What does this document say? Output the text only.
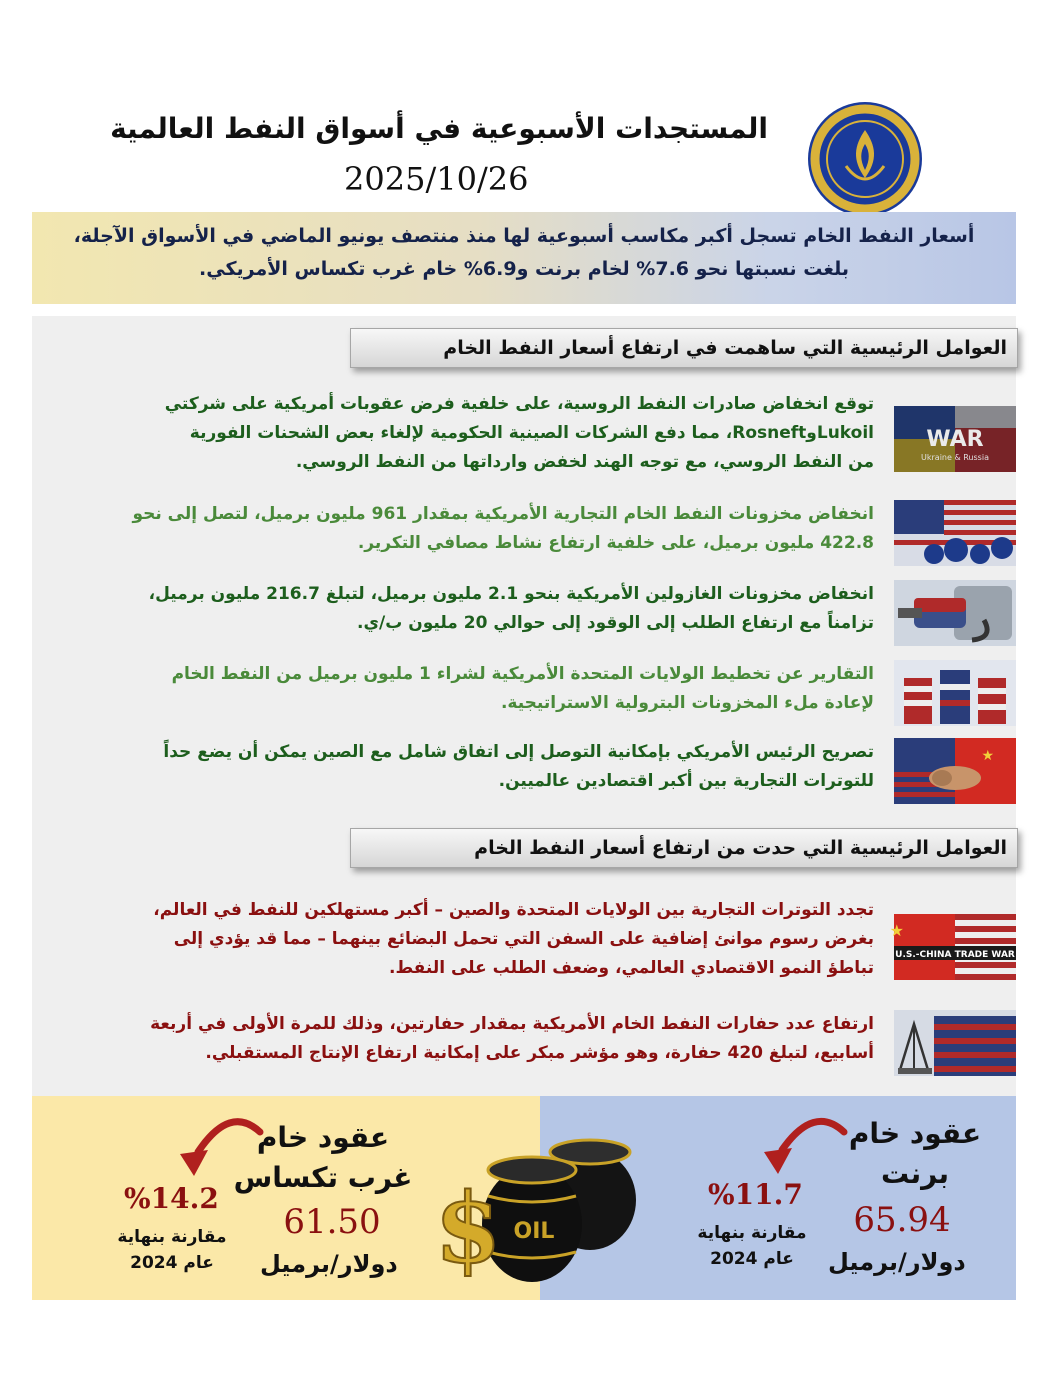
المستجدات الأسبوعية في أسواق النفط العالمية
2025/10/26

أسعار النفط الخام تسجل أكبر مكاسب أسبوعية لها منذ منتصف يونيو الماضي في الأسواق الآجلة،

بلغت نسبتها نحو 7.6% لخام برنت و6.9% خام غرب تكساس الأمريكي.

العوامل الرئيسية التي ساهمت في ارتفاع أسعار النفط الخام
WAR
Ukraine & Russia

توقع انخفاض صادرات النفط الروسية، على خلفية فرض عقوبات أمريكية على شركتي

LukoilوRosneft، مما دفع الشركات الصينية الحكومية لإلغاء بعض الشحنات الفورية

من النفط الروسي، مع توجه الهند لخفض وارداتها من النفط الروسي.

انخفاض مخزونات النفط الخام التجارية الأمريكية بمقدار 961 مليون برميل، لتصل إلى نحو

422.8 مليون برميل، على خلفية ارتفاع نشاط مصافي التكرير.

انخفاض مخزونات الغازولين الأمريكية بنحو 2.1 مليون برميل، لتبلغ 216.7 مليون برميل،

تزامناً مع ارتفاع الطلب إلى الوقود إلى حوالي 20 مليون ب/ي.

التقارير عن تخطيط الولايات المتحدة الأمريكية لشراء 1 مليون برميل من النفط الخام

لإعادة ملء المخزونات البترولية الاستراتيجية.

★

تصريح الرئيس الأمريكي بإمكانية التوصل إلى اتفاق شامل مع الصين يمكن أن يضع حداً

للتوترات التجارية بين أكبر اقتصادين عالميين.

العوامل الرئيسية التي حدت من ارتفاع أسعار النفط الخام
★
U.S.-CHINA TRADE WAR

تجدد التوترات التجارية بين الولايات المتحدة والصين – أكبر مستهلكين للنفط في العالم،

بغرض رسوم موانئ إضافية على السفن التي تحمل البضائع بينهما – مما قد يؤدي إلى

تباطؤ النمو الاقتصادي العالمي، وضعف الطلب على النفط.

ارتفاع عدد حفارات النفط الخام الأمريكية بمقدار حفارتين، وذلك للمرة الأولى في أربعة

أسابيع، لتبلغ 420 حفارة، وهو مؤشر مبكر على إمكانية ارتفاع الإنتاج المستقبلي.

OIL
$
عقود خام
برنت
65.94
دولار/برميل
%11.7
مقارنة بنهاية
عام 2024
عقود خام
غرب تكساس
61.50
دولار/برميل
%14.2
مقارنة بنهاية
عام 2024
